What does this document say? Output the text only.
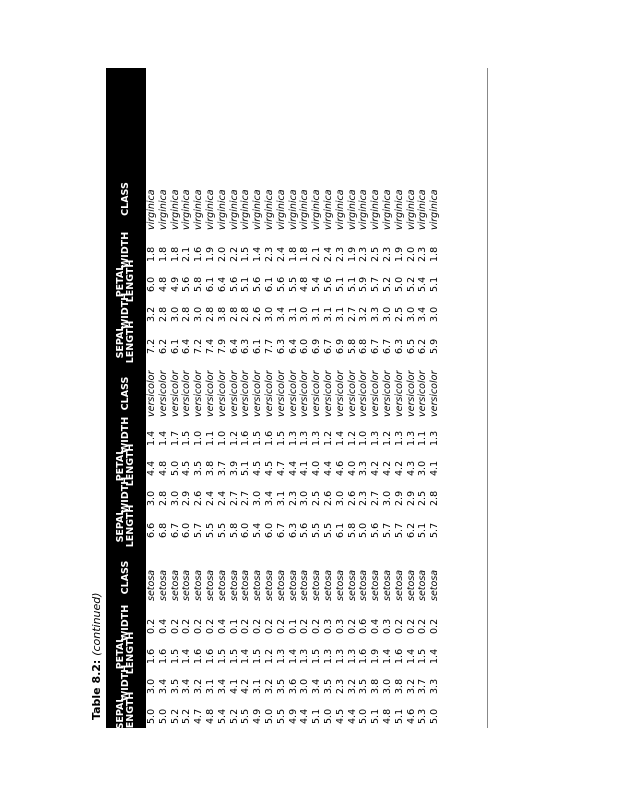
Table 8.2: (continued)
SEPAL LENGTH
WIDTH
PETAL LENGTH
WIDTH
CLASS
SEPAL LENGTH
WIDTH
PETAL LENGTH
WIDTH
CLASS
SEPAL LENGTH
WIDTH
PETAL LENGTH
WIDTH
CLASS
5.0
3.0
1.6
0.2
setosa
6.6
3.0
4.4
1.4
versicolor
7.2
3.2
6.0
1.8
virginica
5.0
3.4
1.6
0.4
setosa
6.8
2.8
4.8
1.4
versicolor
6.2
2.8
4.8
1.8
virginica
5.2
3.5
1.5
0.2
setosa
6.7
3.0
5.0
1.7
versicolor
6.1
3.0
4.9
1.8
virginica
5.2
3.4
1.4
0.2
setosa
6.0
2.9
4.5
1.5
versicolor
6.4
2.8
5.6
2.1
virginica
4.7
3.2
1.6
0.2
setosa
5.7
2.6
3.5
1.0
versicolor
7.2
3.0
5.8
1.6
virginica
4.8
3.1
1.6
0.2
setosa
5.5
2.4
3.8
1.1
versicolor
7.4
2.8
6.1
1.9
virginica
5.4
3.4
1.5
0.4
setosa
5.5
2.4
3.7
1.0
versicolor
7.9
3.8
6.4
2.0
virginica
5.2
4.1
1.5
0.1
setosa
5.8
2.7
3.9
1.2
versicolor
6.4
2.8
5.6
2.2
virginica
5.5
4.2
1.4
0.2
setosa
6.0
2.7
5.1
1.6
versicolor
6.3
2.8
5.1
1.5
virginica
4.9
3.1
1.5
0.2
setosa
5.4
3.0
4.5
1.5
versicolor
6.1
2.6
5.6
1.4
virginica
5.0
3.2
1.2
0.2
setosa
6.0
3.4
4.5
1.6
versicolor
7.7
3.0
6.1
2.3
virginica
5.5
3.5
1.3
0.2
setosa
6.7
3.1
4.7
1.5
versicolor
6.3
3.4
5.6
2.4
virginica
4.9
3.6
1.4
0.1
setosa
6.3
2.3
4.4
1.3
versicolor
6.4
3.1
5.5
1.8
virginica
4.4
3.0
1.3
0.2
setosa
5.6
3.0
4.1
1.3
versicolor
6.0
3.0
4.8
1.8
virginica
5.1
3.4
1.5
0.2
setosa
5.5
2.5
4.0
1.3
versicolor
6.9
3.1
5.4
2.1
virginica
5.0
3.5
1.3
0.3
setosa
5.5
2.6
4.4
1.2
versicolor
6.7
3.1
5.6
2.4
virginica
4.5
2.3
1.3
0.3
setosa
6.1
3.0
4.6
1.4
versicolor
6.9
3.1
5.1
2.3
virginica
4.4
3.2
1.3
0.2
setosa
5.8
2.6
4.0
1.2
versicolor
5.8
2.7
5.1
1.9
virginica
5.0
3.5
1.6
0.6
setosa
5.0
2.3
3.3
1.0
versicolor
6.8
3.2
5.9
2.3
virginica
5.1
3.8
1.9
0.4
setosa
5.6
2.7
4.2
1.3
versicolor
6.7
3.3
5.7
2.5
virginica
4.8
3.0
1.4
0.3
setosa
5.7
3.0
4.2
1.2
versicolor
6.7
3.0
5.2
2.3
virginica
5.1
3.8
1.6
0.2
setosa
5.7
2.9
4.2
1.3
versicolor
6.3
2.5
5.0
1.9
virginica
4.6
3.2
1.4
0.2
setosa
6.2
2.9
4.3
1.3
versicolor
6.5
3.0
5.2
2.0
virginica
5.3
3.7
1.5
0.2
setosa
5.1
2.5
3.0
1.1
versicolor
6.2
3.4
5.4
2.3
virginica
5.0
3.3
1.4
0.2
setosa
5.7
2.8
4.1
1.3
versicolor
5.9
3.0
5.1
1.8
virginica
